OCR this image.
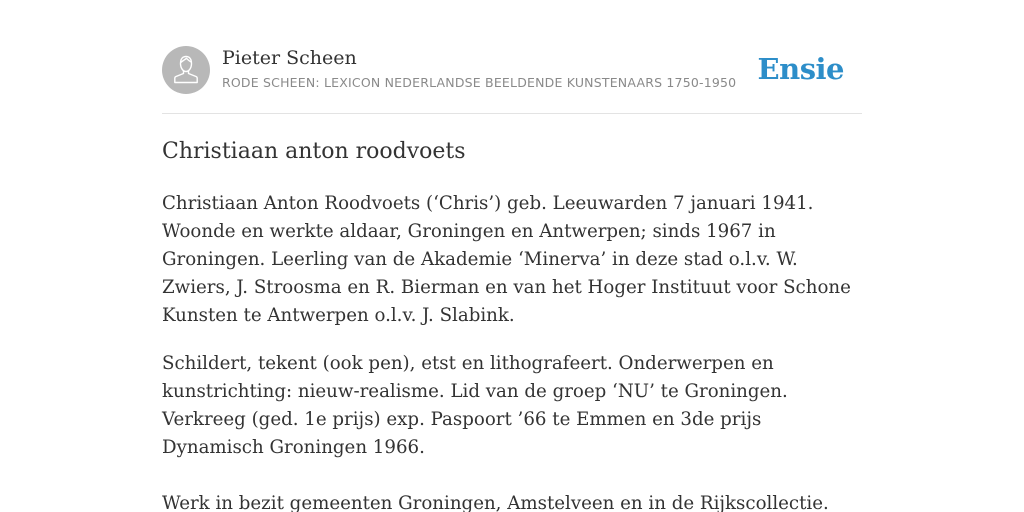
Pieter Scheen
RODE SCHEEN: LEXICON NEDERLANDSE BEELDENDE KUNSTENAARS 1750-1950 Ensie
Christiaan anton roodvoets

Christiaan Anton Roodvoets (‘Chris’) geb. Leeuwarden 7 januari 1941. Woonde en werkte aldaar, Groningen en Antwerpen; sinds 1967 in Groningen. Leerling van de Akademie ‘Minerva’ in deze stad o.l.v. W. Zwiers, J. Stroosma en R. Bierman en van het Hoger Instituut voor Schone Kunsten te Antwerpen o.l.v. J. Slabink.

Schildert, tekent (ook pen), etst en lithografeert. Onderwerpen en kunstrichting: nieuw-realisme. Lid van de groep ‘NU’ te Groningen. Verkreeg (ged. 1e prijs) exp. Paspoort ’66 te Emmen en 3de prijs Dynamisch Groningen 1966.

Werk in bezit gemeenten Groningen, Amstelveen en in de Rijkscollectie.
